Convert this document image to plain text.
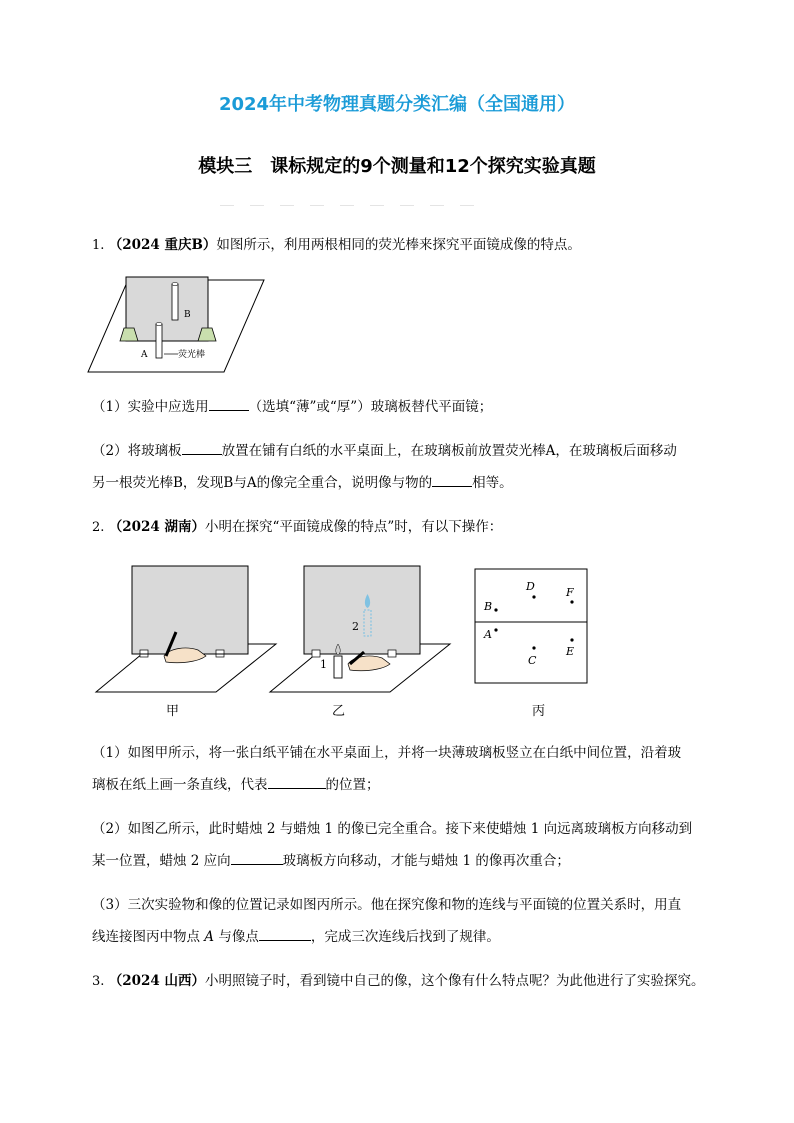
2024年中考物理真题分类汇编（全国通用）
模块三　课标规定的9个测量和12个探究实验真题
1. （2024 重庆B）如图所示，利用两根相同的荧光棒来探究平面镜成像的特点。
B
A	荧光棒
（1）实验中应选用	（选填“薄”或“厚”）玻璃板替代平面镜；
（2）将玻璃板	放置在铺有白纸的水平桌面上，在玻璃板前放置荧光棒A，在玻璃板后面移动
另一根荧光棒B，发现B与A的像完全重合，说明像与物的	相等。
2. （2024 湖南）小明在探究“平面镜成像的特点”时，有以下操作：
甲
2
1
乙
D	F
B
A
C
E
丙
（1）如图甲所示，将一张白纸平铺在水平桌面上，并将一块薄玻璃板竖立在白纸中间位置，沿着玻
璃板在纸上画一条直线，代表	的位置；
（2）如图乙所示，此时蜡烛 2 与蜡烛 1 的像已完全重合。接下来使蜡烛 1 向远离玻璃板方向移动到
某一位置，蜡烛 2 应向	玻璃板方向移动，才能与蜡烛 1 的像再次重合；
（3）三次实验物和像的位置记录如图丙所示。他在探究像和物的连线与平面镜的位置关系时，用直
线连接图丙中物点 A 与像点	，完成三次连线后找到了规律。
3. （2024 山西）小明照镜子时，看到镜中自己的像，这个像有什么特点呢？为此他进行了实验探究。
